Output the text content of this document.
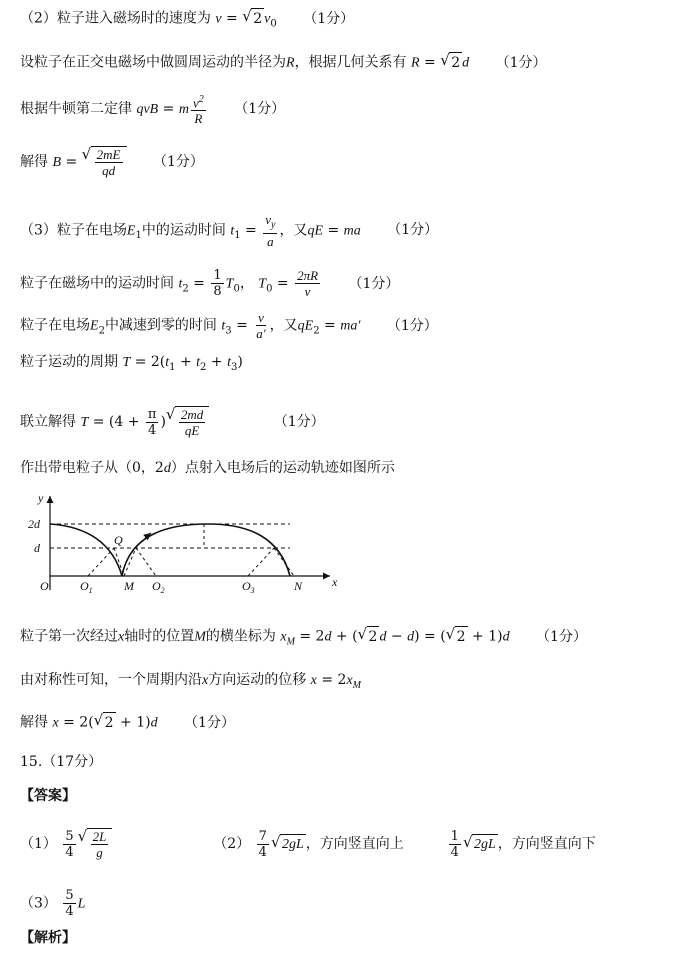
（2）粒子进入磁场时的速度为 v = √ 2 $v_0$ （1分）
设粒子在正交电磁场中做圆周运动的半径为R，根据几何关系有 R = √ 2 d （1分）
根据牛顿第二定律 qvB = m $\frac{v^2}{R} (1$分）
解得 B = √ $\frac{2mE}{qd} (1$分）
（3）粒子在电场$E_1$中的运动时间 $t_1 = \frac{v_y}{a}$ ，又qE = ma （1分）
粒子在磁场中的运动时间 $t_2 = \frac{1}{8} T_0$， $T_0 = \frac{2\pi R}{v} (1$分）
粒子在电场$E_2$中减速到零的时间 $t_3 = \frac{v}{a'}$ ，又$qE_2 = ma'$ （1分）
粒子运动的周期 $T = 2(t_1 + t_2 + t_3)$
联立解得 $T = (4 + \frac{\pi}{4}$ ) √ $\frac{2md}{qE}$	（1分）
作出带电粒子从（0，2d）点射入电场后的运动轨迹如图所示
y
x
2d
d
O	$O_1$	$O_2$	$O_3$
Q
M	N
粒子第一次经过x轴时的位置M的横坐标为 $x_M = 2d$ + ( √ 2 d − d) = ( √ 2 + 1)d （1分）
由对称性可知，一个周期内沿x方向运动的位移 $x = 2x_M$
解得 x = 2( √ 2 + 1)d （1分）
15.（17分）
【答案】
$(1) \frac{5}{4}$ √ $\frac{2L}{g}$	$(2) \frac{7}{4}$ √ 2gL ，方向竖直向上	$\frac{1}{4}$ √ 2gL ，方向竖直向下
$(3) \frac{5}{4}$ L
【解析】
